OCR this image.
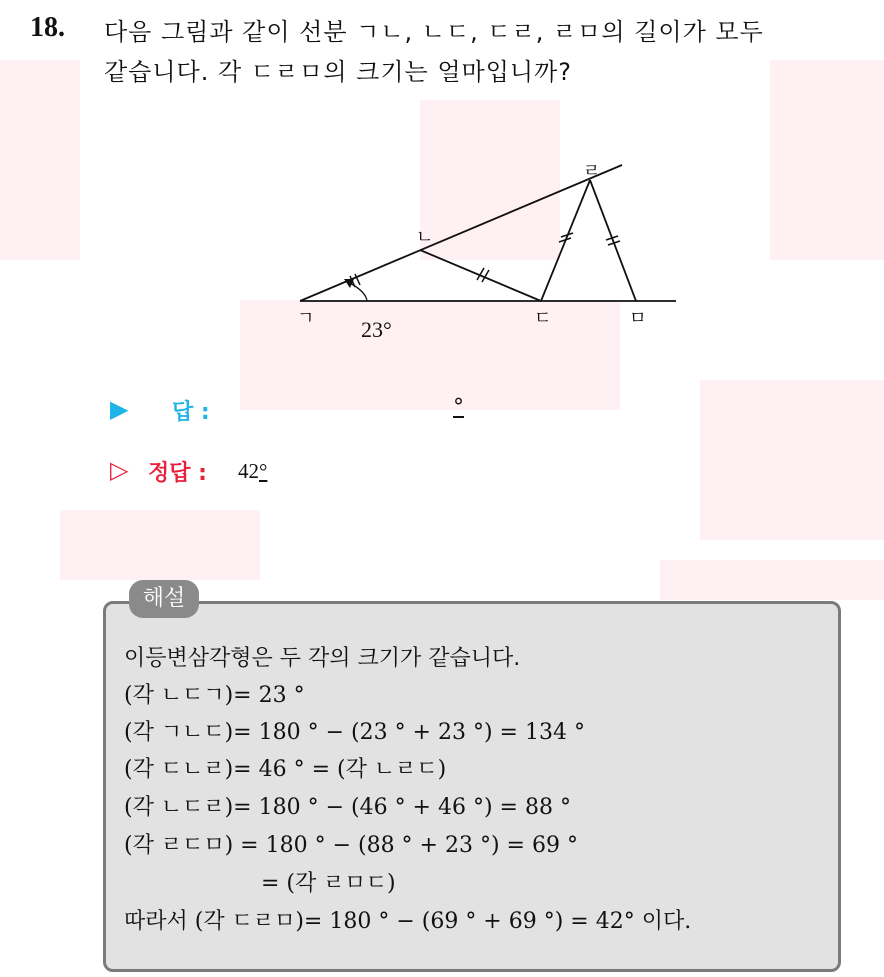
18. 다음 그림과 같이 선분 ㄱㄴ, ㄴㄷ, ㄷㄹ, ㄹㅁ의 길이가 모두
같습니다. 각 ㄷㄹㅁ의 크기는 얼마입니까?
ㄱ
ㄴ
ㄷ
ㄹ
ㅁ
23°
▶ 답 :	°
▷ 정답 : 42°
해설
이등변삼각형은 두 각의 크기가 같습니다.
(각 ㄴㄷㄱ)= 23 °
(각 ㄱㄴㄷ)= 180 ° − (23 ° + 23 °) = 134 °
(각 ㄷㄴㄹ)= 46 ° = (각 ㄴㄹㄷ)
(각 ㄴㄷㄹ)= 180 ° − (46 ° + 46 °) = 88 °
(각 ㄹㄷㅁ) = 180 ° − (88 ° + 23 °) = 69 °
= (각 ㄹㅁㄷ)
따라서 (각 ㄷㄹㅁ)= 180 ° − (69 ° + 69 °) = 42° 이다.
